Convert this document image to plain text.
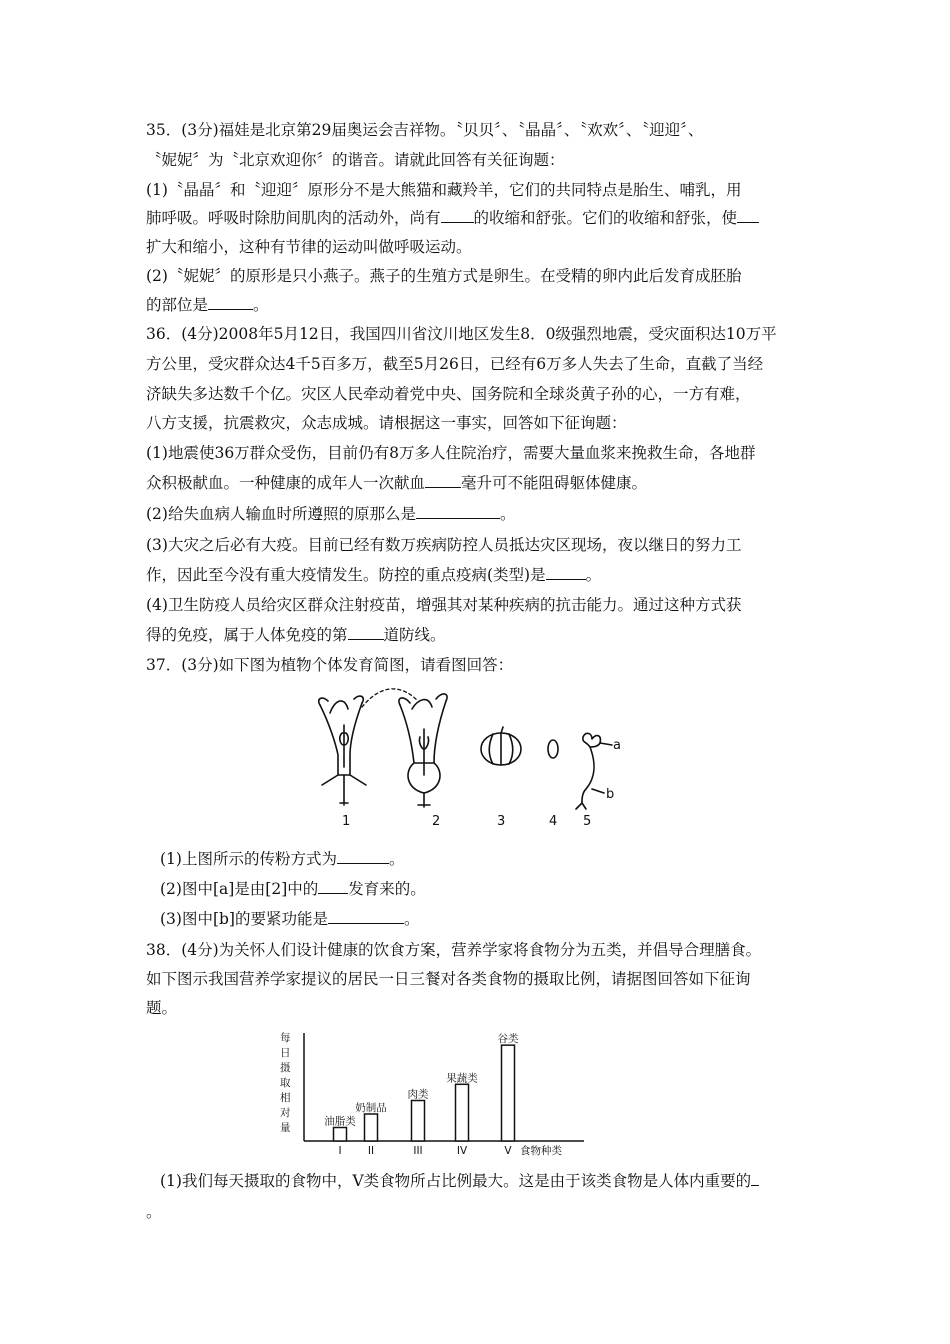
35．(3分)福娃是北京第29届奥运会吉祥物。〝贝贝〞、〝晶晶〞、〝欢欢〞、〝迎迎〞、
〝妮妮〞为〝北京欢迎你〞的谐音。请就此回答有关征询题：
(1)〝晶晶〞和〝迎迎〞原形分不是大熊猫和藏羚羊，它们的共同特点是胎生、哺乳，用
肺呼吸。呼吸时除肋间肌肉的活动外，尚有 的收缩和舒张。它们的收缩和舒张，使
扩大和缩小，这种有节律的运动叫做呼吸运动。
(2)〝妮妮〞的原形是只小燕子。燕子的生殖方式是卵生。在受精的卵内此后发育成胚胎
的部位是	。
36．(4分)2008年5月12日，我国四川省汶川地区发生8．0级强烈地震，受灾面积达10万平
方公里，受灾群众达4千5百多万，截至5月26日，已经有6万多人失去了生命，直截了当经
济缺失多达数千个亿。灾区人民牵动着党中央、国务院和全球炎黄子孙的心，一方有难，
八方支援，抗震救灾，众志成城。请根据这一事实，回答如下征询题：
(1)地震使36万群众受伤，目前仍有8万多人住院治疗，需要大量血浆来挽救生命，各地群
众积极献血。一种健康的成年人一次献血 毫升可不能阻碍躯体健康。
(2)给失血病人输血时所遵照的原那么是	。
(3)大灾之后必有大疫。目前已经有数万疾病防控人员抵达灾区现场，夜以继日的努力工
作，因此至今没有重大疫情发生。防控的重点疫病(类型)是	。
(4)卫生防疫人员给灾区群众注射疫苗，增强其对某种疾病的抗击能力。通过这种方式获
得的免疫，属于人体免疫的第 道防线。
37．(3分)如下图为植物个体发育简图，请看图回答：
1	2	3	4 5
a
b
(1)上图所示的传粉方式为	。
(2)图中[a]是由[2]中的 发育来的。
(3)图中[b]的要紧功能是	。
38．(4分)为关怀人们设计健康的饮食方案，营养学家将食物分为五类，并倡导合理膳食。
如下图示我国营养学家提议的居民一日三餐对各类食物的摄取比例，请据图回答如下征询
题。
每日摄取相对量
食物种类
油脂类
I
奶制品
II
肉类
III
果蔬类
IV
谷类
V
(1)我们每天摄取的食物中，V类食物所占比例最大。这是由于该类食物是人体内重要的
。
